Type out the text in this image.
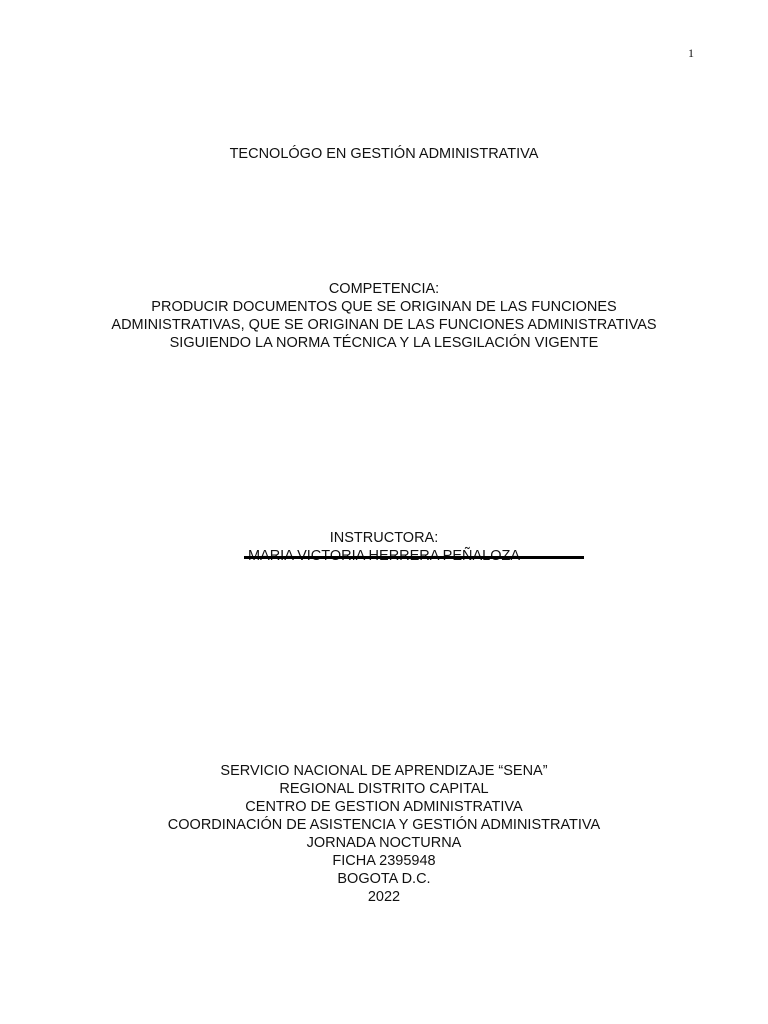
1
TECNOLÓGO EN GESTIÓN ADMINISTRATIVA
COMPETENCIA:
PRODUCIR DOCUMENTOS QUE SE ORIGINAN DE LAS FUNCIONES
ADMINISTRATIVAS, QUE SE ORIGINAN DE LAS FUNCIONES ADMINISTRATIVAS
SIGUIENDO LA NORMA TÉCNICA Y LA LESGILACIÓN VIGENTE
INSTRUCTORA:
SERVICIO NACIONAL DE APRENDIZAJE “SENA”
REGIONAL DISTRITO CAPITAL
CENTRO DE GESTION ADMINISTRATIVA
COORDINACIÓN DE ASISTENCIA Y GESTIÓN ADMINISTRATIVA
JORNADA NOCTURNA
FICHA 2395948
BOGOTA D.C.
2022
